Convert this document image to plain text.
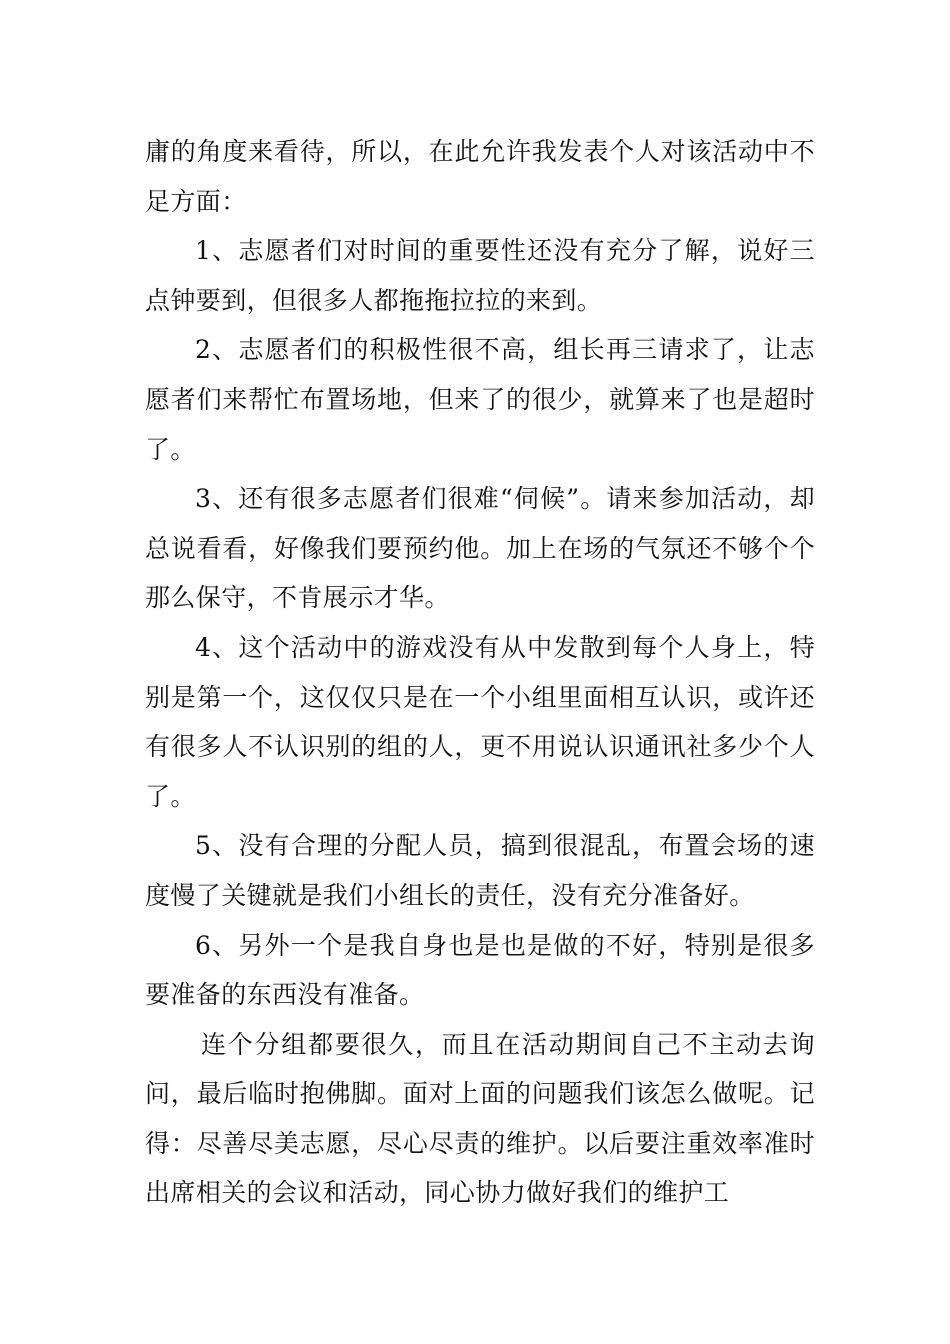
庸的角度来看待，所以，在此允许我发表个人对该活动中不足方面：

1、志愿者们对时间的重要性还没有充分了解，说好三点钟要到，但很多人都拖拖拉拉的来到。

2、志愿者们的积极性很不高，组长再三请求了，让志愿者们来帮忙布置场地，但来了的很少，就算来了也是超时了。

3、还有很多志愿者们很难“伺候”。请来参加活动，却总说看看，好像我们要预约他。加上在场的气氛还不够个个那么保守，不肯展示才华。

4、这个活动中的游戏没有从中发散到每个人身上，特别是第一个，这仅仅只是在一个小组里面相互认识，或许还有很多人不认识别的组的人，更不用说认识通讯社多少个人了。

5、没有合理的分配人员，搞到很混乱，布置会场的速度慢了关键就是我们小组长的责任，没有充分准备好。

6、另外一个是我自身也是也是做的不好，特别是很多要准备的东西没有准备。

连个分组都要很久，而且在活动期间自己不主动去询问，最后临时抱佛脚。面对上面的问题我们该怎么做呢。记得：尽善尽美志愿，尽心尽责的维护。以后要注重效率准时出席相关的会议和活动，同心协力做好我们的维护工
